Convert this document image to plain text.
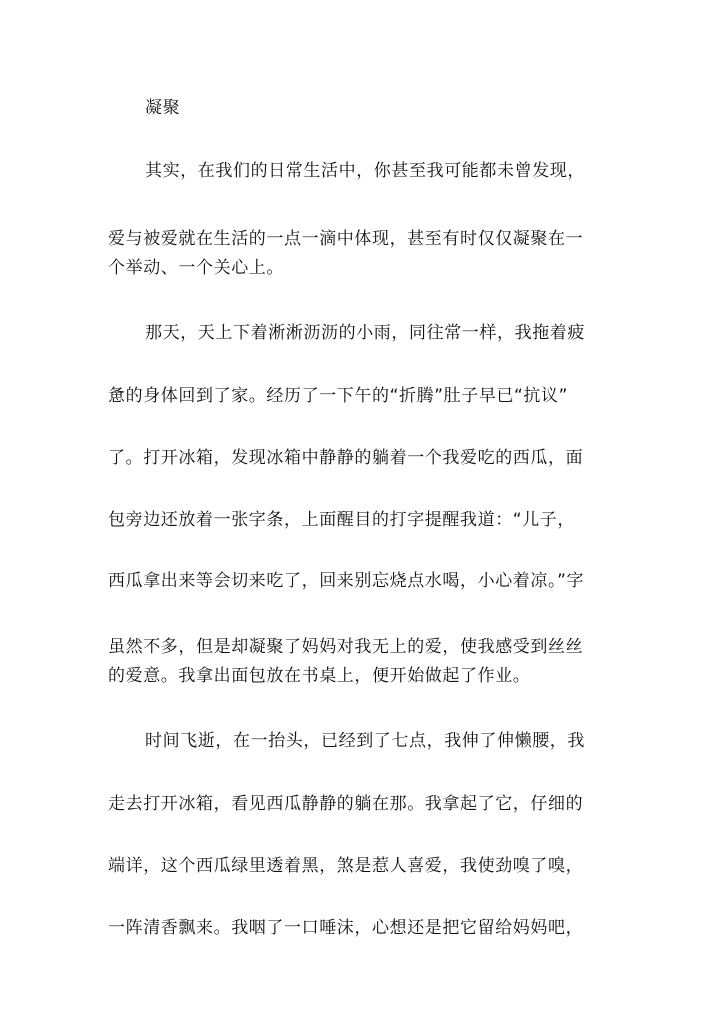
凝聚
其实，在我们的日常生活中，你甚至我可能都未曾发现，
爱与被爱就在生活的一点一滴中体现，甚至有时仅仅凝聚在一
个举动、一个关心上。
那天，天上下着淅淅沥沥的小雨，同往常一样，我拖着疲
惫的身体回到了家。经历了一下午的“折腾”肚子早已“抗议”
了。打开冰箱，发现冰箱中静静的躺着一个我爱吃的西瓜，面
包旁边还放着一张字条，上面醒目的打字提醒我道：“儿子，
西瓜拿出来等会切来吃了，回来别忘烧点水喝，小心着凉。”字
虽然不多，但是却凝聚了妈妈对我无上的爱，使我感受到丝丝
的爱意。我拿出面包放在书桌上，便开始做起了作业。
时间飞逝，在一抬头，已经到了七点，我伸了伸懒腰，我
走去打开冰箱，看见西瓜静静的躺在那。我拿起了它，仔细的
端详，这个西瓜绿里透着黑，煞是惹人喜爱，我使劲嗅了嗅，
一阵清香飘来。我咽了一口唾沫，心想还是把它留给妈妈吧，
